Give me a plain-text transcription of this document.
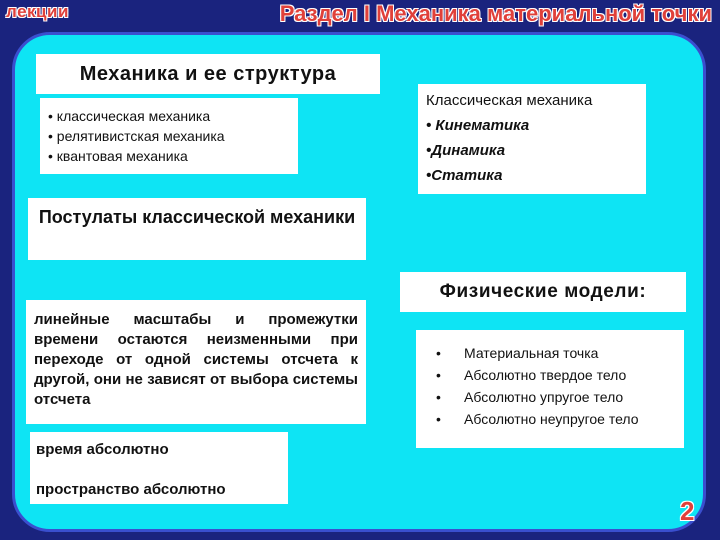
лекции	Раздел I Механика материальной точки
Механика и ее структура
• классическая механика
• релятивистская механика
• квантовая механика
Классическая механика
• Кинематика
•Динамика
•Статика
Постулаты классической механики
Физические модели:
линейные масштабы и промежутки времени остаются неизменными при переходе от одной системы отсчета к другой, они не зависят от выбора системы отсчета
• Материальная точка
• Абсолютно твердое тело
• Абсолютно упругое тело
• Абсолютно неупругое тело
время абсолютно
пространство абсолютно
2
